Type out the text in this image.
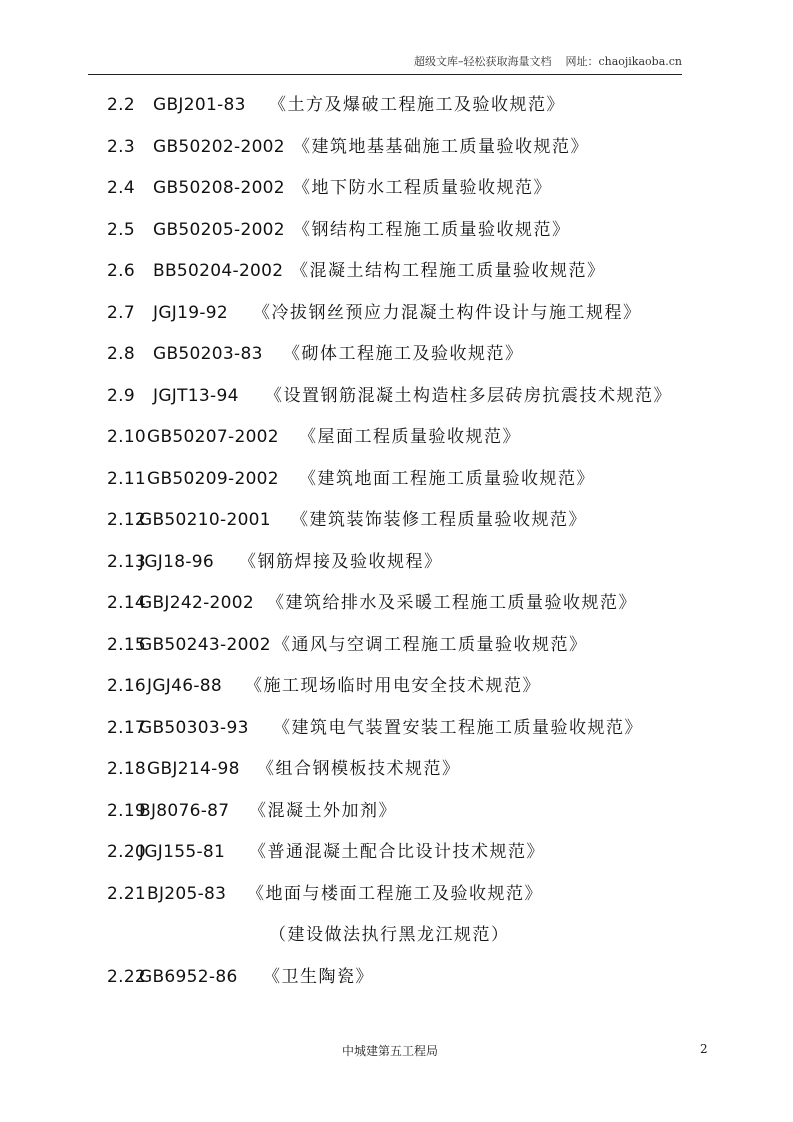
超级文库–轻松获取海量文档 网址：chaojikaoba.cn
2.2 GBJ201-83 《土方及爆破工程施工及验收规范》
2.3 GB50202-2002 《建筑地基基础施工质量验收规范》
2.4 GB50208-2002 《地下防水工程质量验收规范》
2.5 GB50205-2002 《钢结构工程施工质量验收规范》
2.6 BB50204-2002 《混凝土结构工程施工质量验收规范》
2.7 JGJ19-92 《冷拔钢丝预应力混凝土构件设计与施工规程》
2.8 GB50203-83 《砌体工程施工及验收规范》
2.9 JGJT13-94 《设置钢筋混凝土构造柱多层砖房抗震技术规范》
2.10GB50207-2002 《屋面工程质量验收规范》
2.11GB50209-2002 《建筑地面工程施工质量验收规范》
2.12GB50210-2001 《建筑装饰装修工程质量验收规范》
2.13JGJ18-96 《钢筋焊接及验收规程》
2.14GBJ242-2002 《建筑给排水及采暖工程施工质量验收规范》
2.15GB50243-2002 《通风与空调工程施工质量验收规范》
2.16JGJ46-88 《施工现场临时用电安全技术规范》
2.17GB50303-93 《建筑电气装置安装工程施工质量验收规范》
2.18GBJ214-98 《组合钢模板技术规范》
2.19BJ8076-87 《混凝土外加剂》
2.20JGJ155-81 《普通混凝土配合比设计技术规范》
2.21BJ205-83 《地面与楼面工程施工及验收规范》
（建设做法执行黑龙江规范）
2.22GB6952-86 《卫生陶瓷》
中城建第五工程局	2
